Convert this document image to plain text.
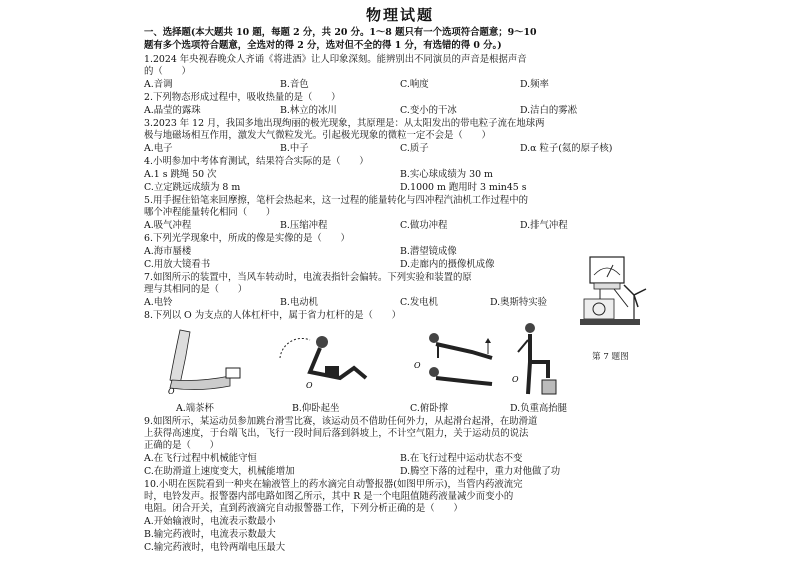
物理试题
一、选择题(本大题共 10 题，每题 2 分，共 20 分。1～8 题只有一个选项符合题意；9～10
题有多个选项符合题意，全选对的得 2 分，选对但不全的得 1 分，有选错的得 0 分。)
1.2024 年央视春晚众人齐诵《将进酒》让人印象深刻。能辨别出不同演员的声音是根据声音
的（　　）
A.音调	B.音色	C.响度	D.频率
2.下列物态形成过程中，吸收热量的是（　　）
A.晶莹的露珠	B.林立的冰川	C.变小的干冰	D.洁白的雾凇
3.2023 年 12 月，我国多地出现绚丽的极光现象，其原理是：从太阳发出的带电粒子流在地球两
极与地磁场相互作用，激发大气微粒发光。引起极光现象的微粒一定不会是（　　）
A.电子	B.中子	C.质子	D.α 粒子(氦的原子核)
4.小明参加中考体育测试，结果符合实际的是（　　）
A.1 s 跳绳 50 次	B.实心球成绩为 30 m
C.立定跳远成绩为 8 m	D.1000 m 跑用时 3 min45 s
5.用手握住铅笔来回摩擦，笔杆会热起来，这一过程的能量转化与四冲程汽油机工作过程中的
哪个冲程能量转化相同（　　）
A.吸气冲程	B.压缩冲程	C.做功冲程	D.排气冲程
6.下列光学现象中，所成的像是实像的是（　　）
A.海市蜃楼	B.潜望镜成像
C.用放大镜看书	D.走廊内的摄像机成像
7.如图所示的装置中，当风车转动时，电流表指针会偏转。下列实验和装置的原
理与其相同的是（　　）
A.电铃	B.电动机	C.发电机	D.奥斯特实验
第 7 题图
8.下列以 O 为支点的人体杠杆中，属于省力杠杆的是（　　）
O
O
O
O
A.端茶杯	B.仰卧起坐	C.俯卧撑	D.负重高抬腿
9.如图所示，某运动员参加跳台滑雪比赛，该运动员不借助任何外力，从起滑台起滑，在助滑道
上获得高速度，于台端飞出，飞行一段时间后落到斜坡上，不计空气阻力，关于运动员的说法
正确的是（　　）
A.在飞行过程中机械能守恒	B.在飞行过程中运动状态不变
C.在助滑道上速度变大，机械能增加	D.腾空下落的过程中，重力对他做了功
10.小明在医院看到一种夹在输液管上的药水滴完自动警报器(如图甲所示)，当管内药液流完
时，电铃发声。报警器内部电路如图乙所示，其中 R 是一个电阻值随药液量减少而变小的
电阻。闭合开关，直到药液滴完自动报警器工作，下列分析正确的是（　　）
A.开始输液时，电流表示数最小
B.输完药液时，电流表示数最大
C.输完药液时，电铃两端电压最大
